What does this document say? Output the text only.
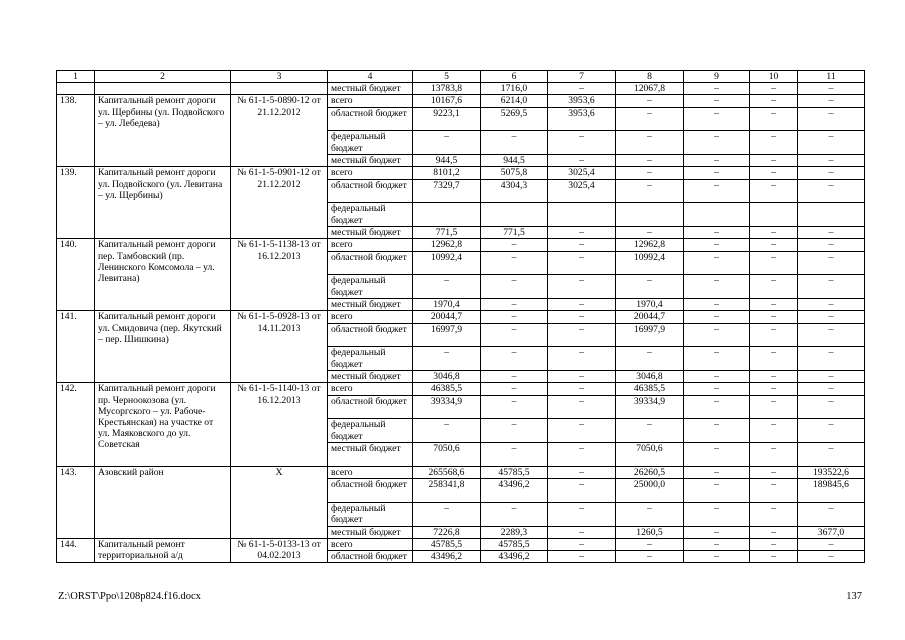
1	2	3	4	5	6	7	8	9	10	11
			местный бюджет	13783,8	1716,0	–	12067,8	–	–	–
138.	Капитальный ремонт дороги ул. Щербины (ул. Подвойского – ул. Лебедева)	№ 61-1-5-0890-12 от 21.12.2012	всего	10167,6	6214,0	3953,6	–	–	–	–
			областной бюджет	9223,1	5269,5	3953,6	–	–	–	–
			федеральный бюджет	–	–	–	–	–	–	–
			местный бюджет	944,5	944,5	–	–	–	–	–
139.	Капитальный ремонт дороги ул. Подвойского (ул. Левитана – ул. Щербины)	№ 61-1-5-0901-12 от 21.12.2012	всего	8101,2	5075,8	3025,4	–	–	–	–
			областной бюджет	7329,7	4304,3	3025,4	–	–	–	–
			федеральный бюджет							
			местный бюджет	771,5	771,5	–	–	–	–	–
140.	Капитальный ремонт дороги пер. Тамбовский (пр. Ленинского Комсомола – ул. Левитана)	№ 61-1-5-1138-13 от 16.12.2013	всего	12962,8	–	–	12962,8	–	–	–
			областной бюджет	10992,4	–	–	10992,4	–	–	–
			федеральный бюджет	–	–	–	–	–	–	–
			местный бюджет	1970,4	–	–	1970,4	–	–	–
141.	Капитальный ремонт дороги ул. Смидовича (пер. Якутский – пер. Шишкина)	№ 61-1-5-0928-13 от 14.11.2013	всего	20044,7	–	–	20044,7	–	–	–
			областной бюджет	16997,9	–	–	16997,9	–	–	–
			федеральный бюджет	–	–	–	–	–	–	–
			местный бюджет	3046,8	–	–	3046,8	–	–	–
142.	Капитальный ремонт дороги пр. Черноокозова (ул. Мусоргского – ул. Рабоче-Крестьянская) на участке от ул. Маяковского до ул. Советская	№ 61-1-5-1140-13 от 16.12.2013	всего	46385,5	–	–	46385,5	–	–	–
			областной бюджет	39334,9	–	–	39334,9	–	–	–
			федеральный бюджет	–	–	–	–	–	–	–
			местный бюджет	7050,6	–	–	7050,6	–	–	–
143.	Азовский район	Х	всего	265568,6	45785,5	–	26260,5	–	–	193522,6
			областной бюджет	258341,8	43496,2	–	25000,0	–	–	189845,6
			федеральный бюджет	–	–	–	–	–	–	–
			местный бюджет	7226,8	2289,3	–	1260,5	–	–	3677,0
144.	Капитальный ремонт территориальной а/д	№ 61-1-5-0133-13 от 04.02.2013	всего	45785,5	45785,5	–	–	–	–	–
			областной бюджет	43496,2	43496,2	–	–	–	–	–
Z:\ORST\Ppo\1208p824.f16.docx	137
